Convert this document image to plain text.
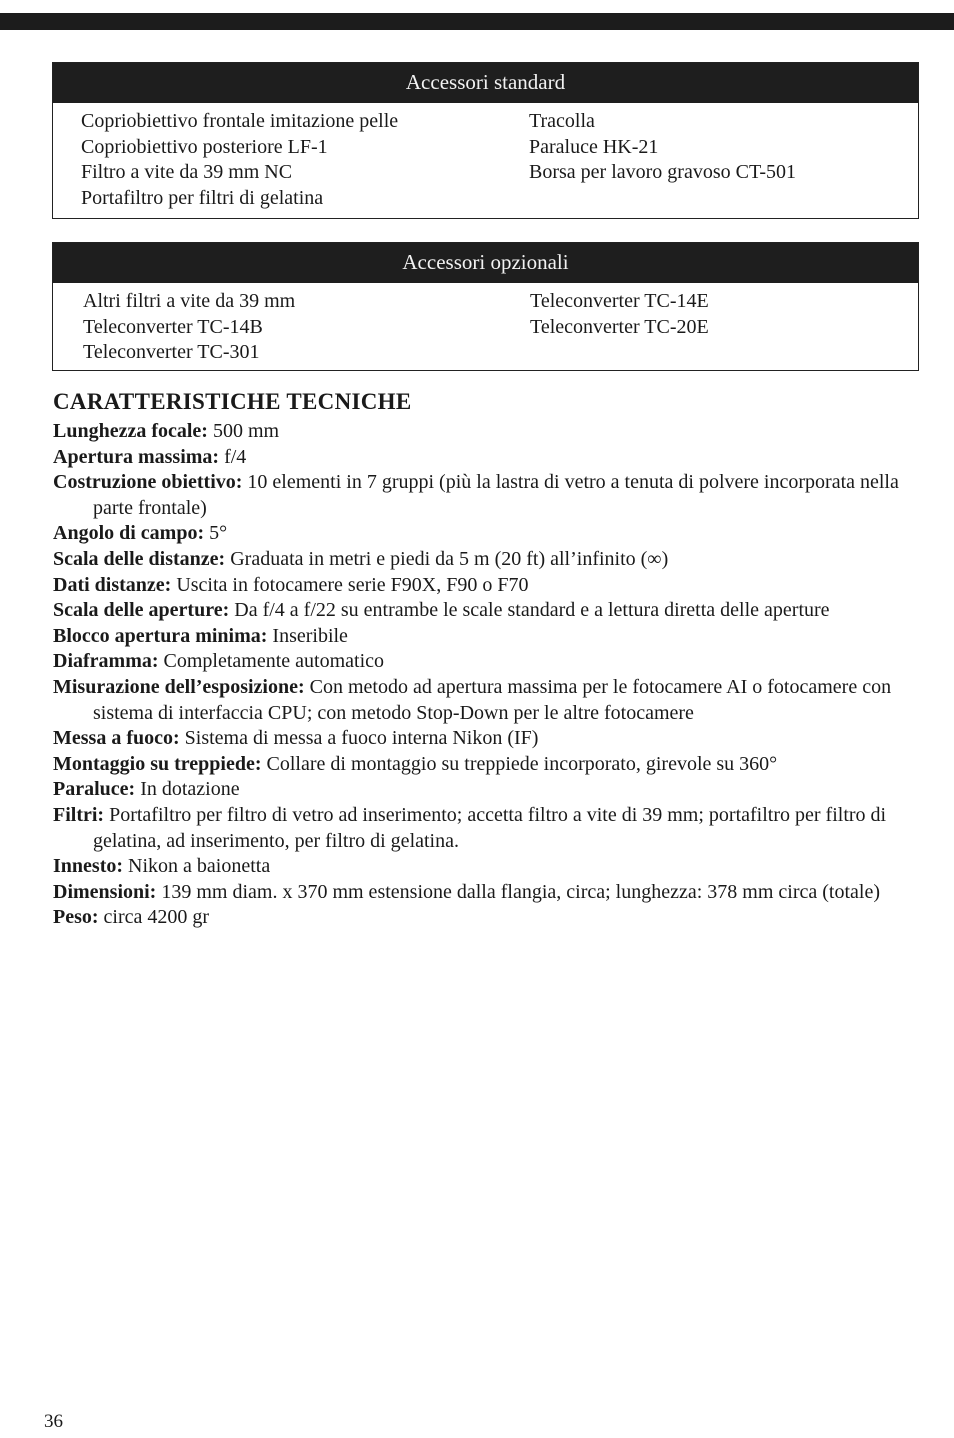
Accessori standard
Copriobiettivo frontale imitazione pelle
Copriobiettivo posteriore LF-1
Filtro a vite da 39 mm NC
Portafiltro per filtri di gelatina
Tracolla
Paraluce HK-21
Borsa per lavoro gravoso CT-501
Accessori opzionali
Altri filtri a vite da 39 mm
Teleconverter TC-14B
Teleconverter TC-301
Teleconverter TC-14E
Teleconverter TC-20E
CARATTERISTICHE TECNICHE
Lunghezza focale: 500 mm
Apertura massima: f/4
Costruzione obiettivo: 10 elementi in 7 gruppi (più la lastra di vetro a tenuta di polvere incorporata nella parte frontale)
Angolo di campo: 5°
Scala delle distanze: Graduata in metri e piedi da 5 m (20 ft) all’infinito (∞)
Dati distanze: Uscita in fotocamere serie F90X, F90 o F70
Scala delle aperture: Da f/4 a f/22 su entrambe le scale standard e a lettura diretta delle aperture
Blocco apertura minima: Inseribile
Diaframma: Completamente automatico
Misurazione dell’esposizione: Con metodo ad apertura massima per le fotocamere AI o fotocamere con sistema di interfaccia CPU; con metodo Stop-Down per le altre fotocamere
Messa a fuoco: Sistema di messa a fuoco interna Nikon (IF)
Montaggio su treppiede: Collare di montaggio su treppiede incorporato, girevole su 360°
Paraluce: In dotazione
Filtri: Portafiltro per filtro di vetro ad inserimento; accetta filtro a vite di 39 mm; portafiltro per filtro di gelatina, ad inserimento, per filtro di gelatina.
Innesto: Nikon a baionetta
Dimensioni: 139 mm diam. x 370 mm estensione dalla flangia, circa; lunghezza: 378 mm circa (totale)
Peso: circa 4200 gr
36
